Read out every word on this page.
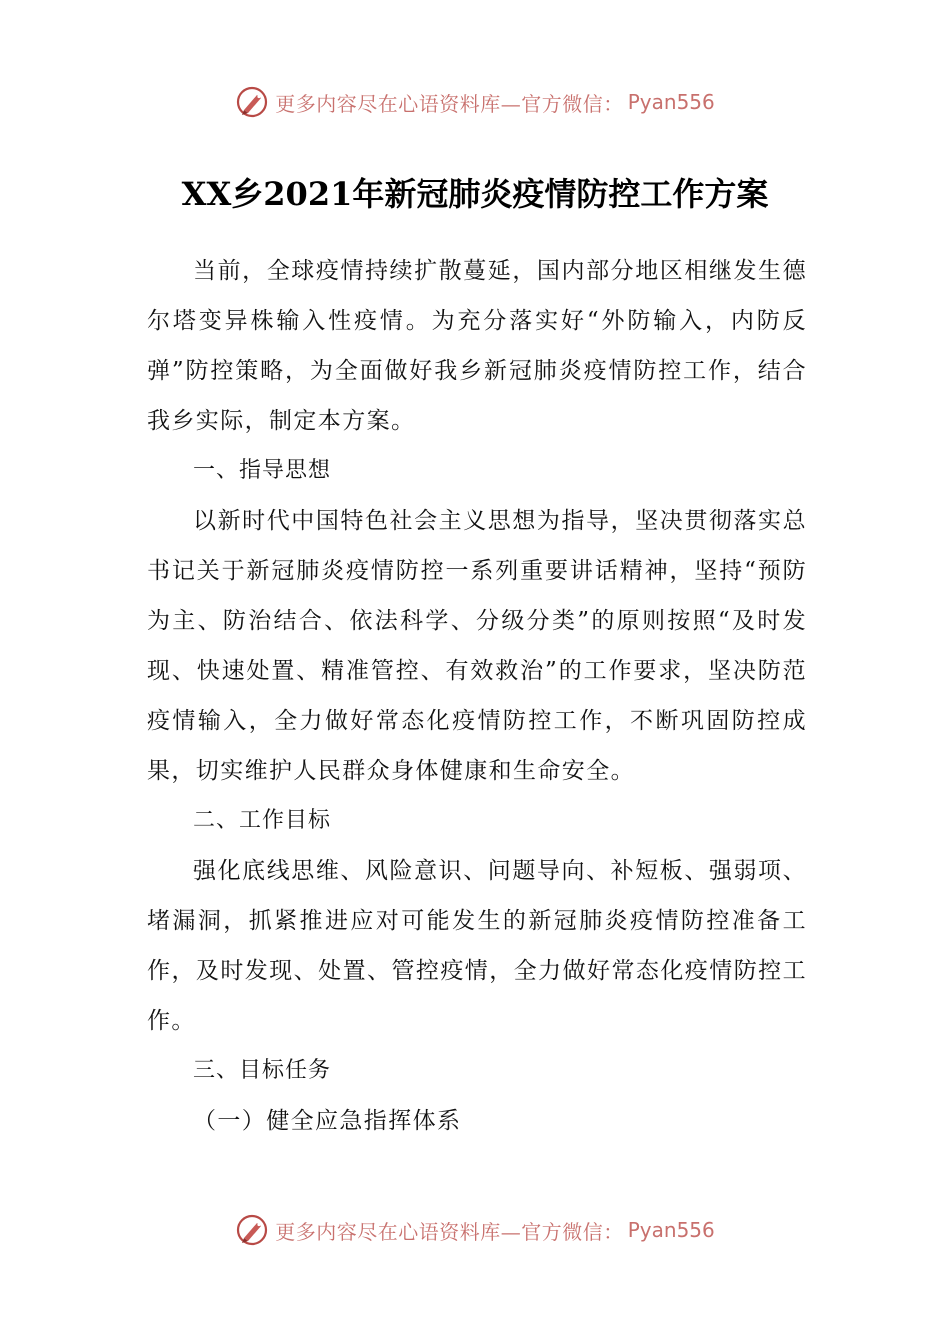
更多内容尽在心语资料库—官方微信： Pyan556
XX乡2021年新冠肺炎疫情防控工作方案

当前，全球疫情持续扩散蔓延，国内部分地区相继发生德尔塔变异株输入性疫情。为充分落实好“外防输入，内防反弹”防控策略，为全面做好我乡新冠肺炎疫情防控工作，结合我乡实际，制定本方案。

一、指导思想

以新时代中国特色社会主义思想为指导，坚决贯彻落实总书记关于新冠肺炎疫情防控一系列重要讲话精神，坚持“预防为主、防治结合、依法科学、分级分类”的原则按照“及时发现、快速处置、精准管控、有效救治”的工作要求，坚决防范疫情输入，全力做好常态化疫情防控工作，不断巩固防控成果，切实维护人民群众身体健康和生命安全。

二、工作目标

强化底线思维、风险意识、问题导向、补短板、强弱项、堵漏洞，抓紧推进应对可能发生的新冠肺炎疫情防控准备工作，及时发现、处置、管控疫情，全力做好常态化疫情防控工作。

三、目标任务

（一）健全应急指挥体系

更多内容尽在心语资料库—官方微信： Pyan556
